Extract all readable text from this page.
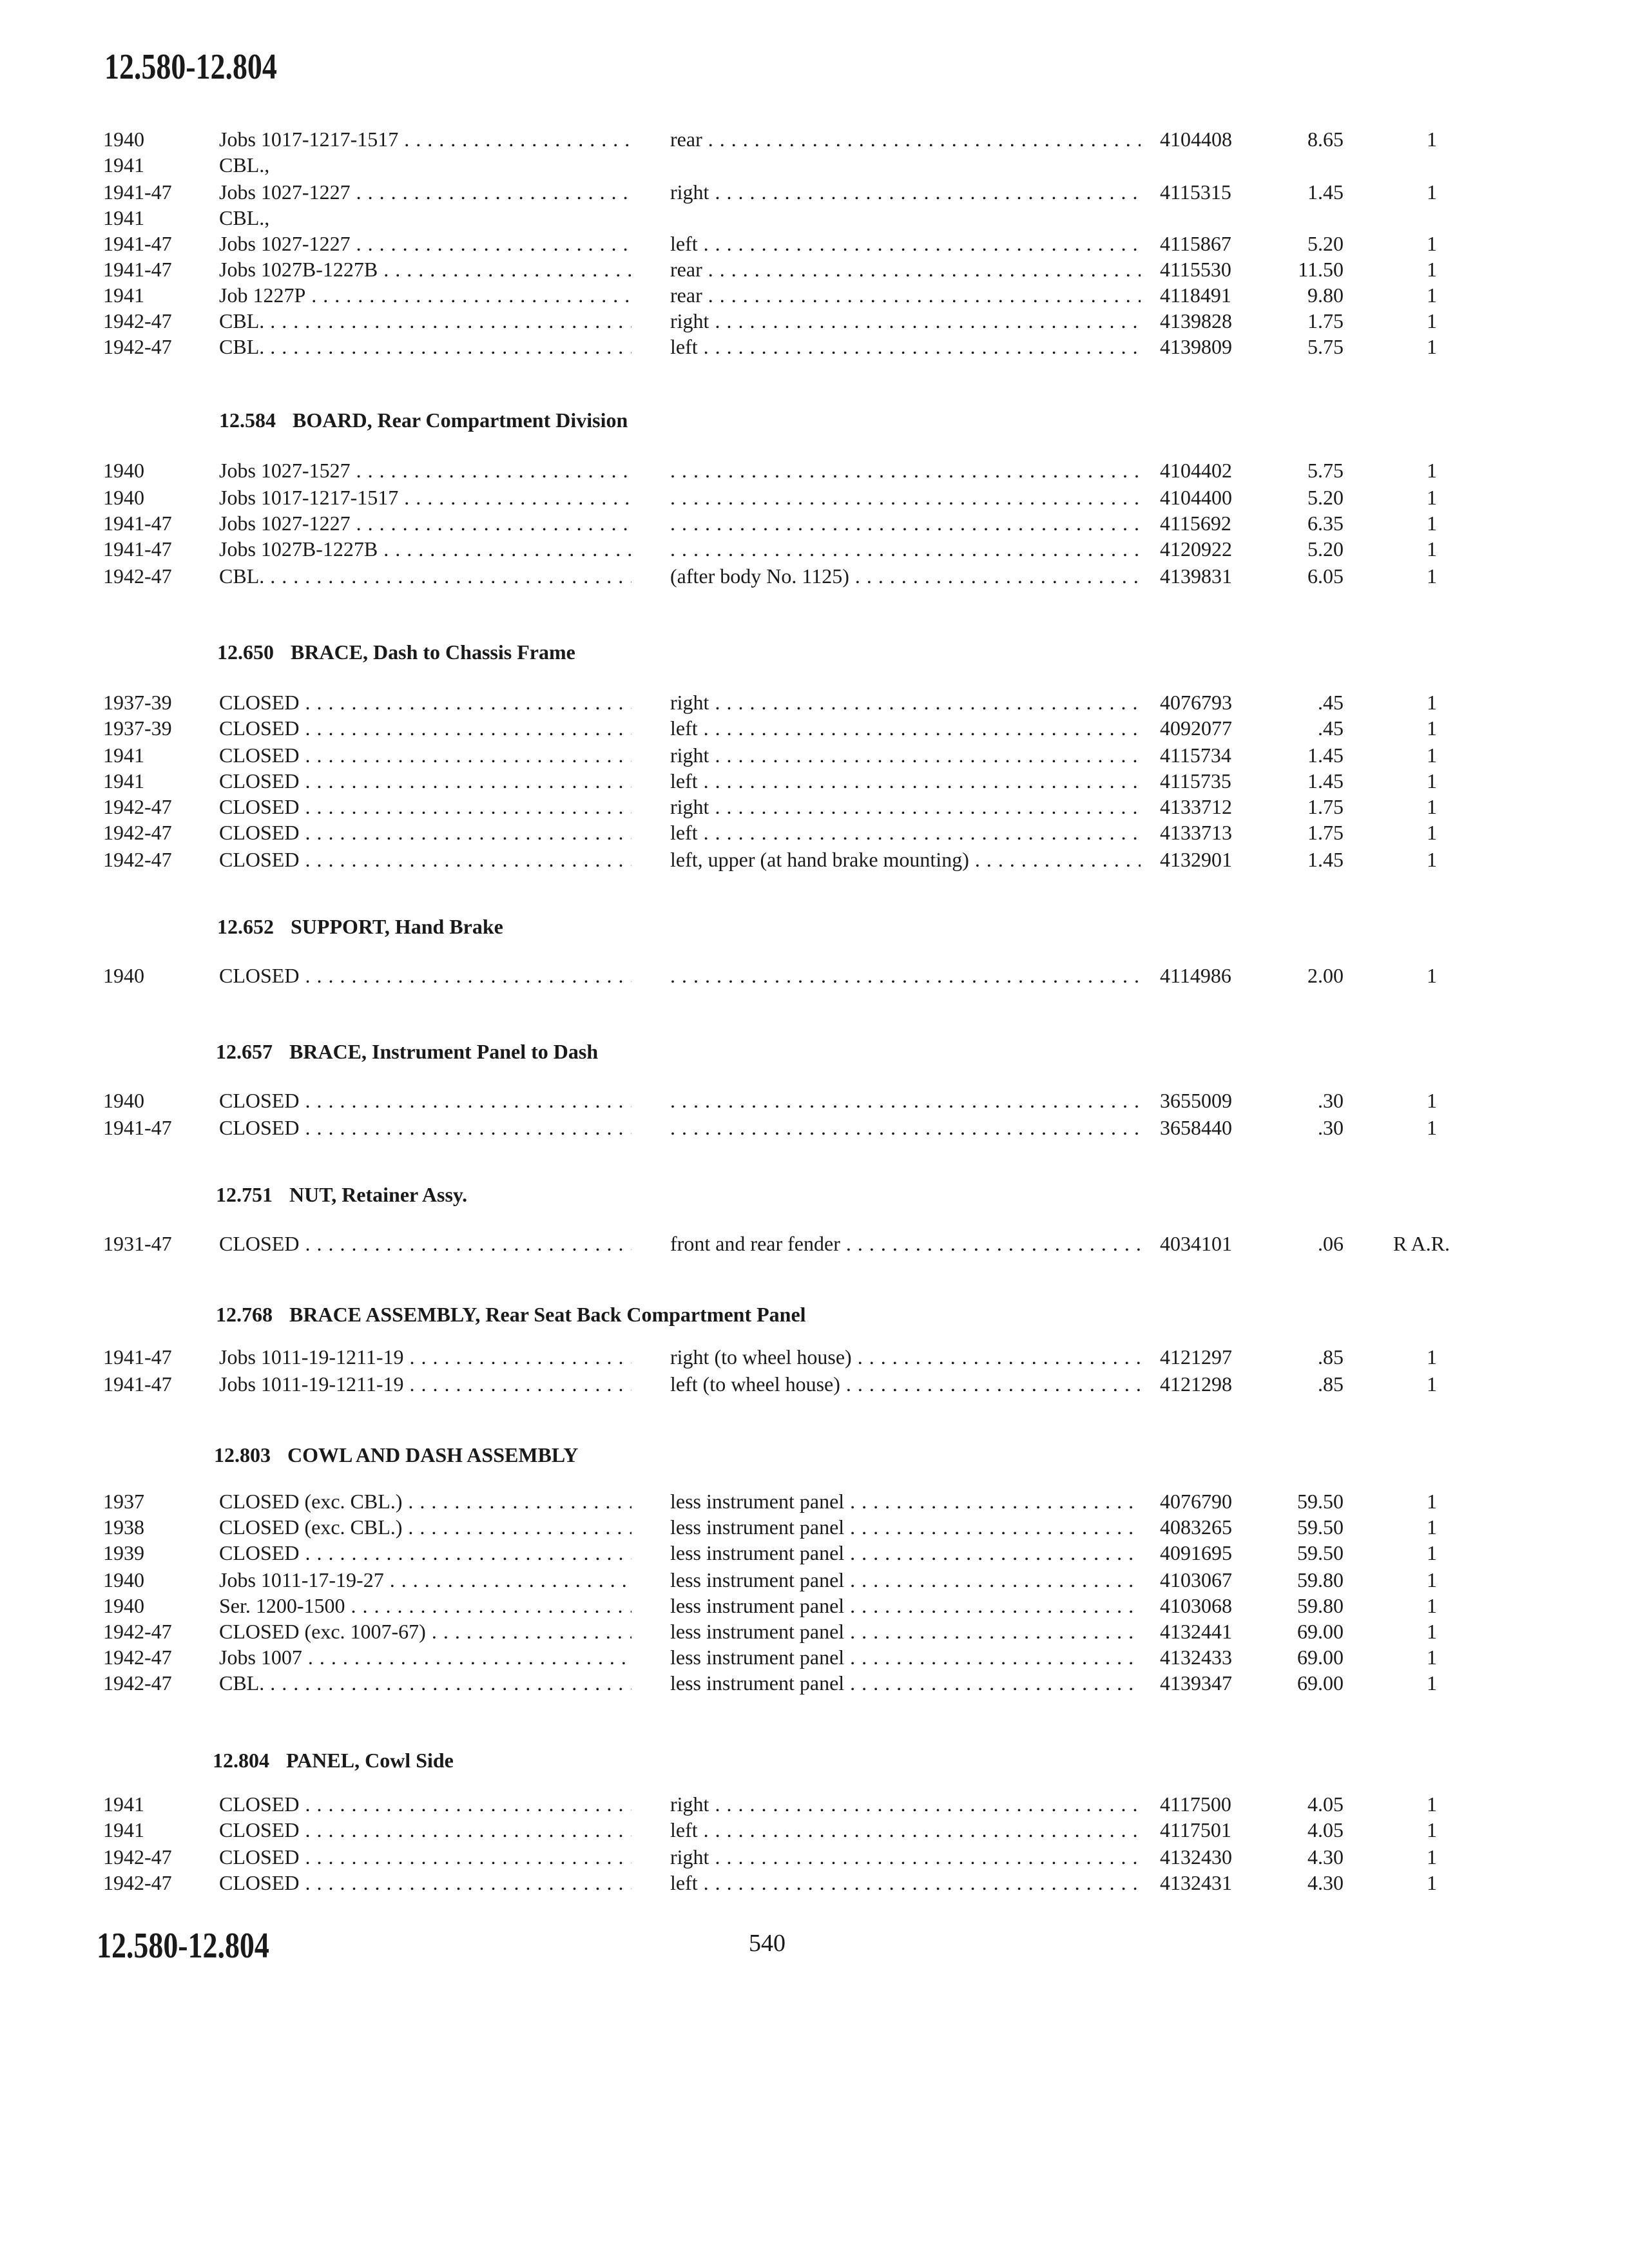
12.580-12.804
1940	Jobs 1017-1217-1517 . . .	rear . . .	4104408	8.65	1
1941	CBL.,
1941-47 Jobs 1027-1227 . . .	right . . .	4115315	1.45	1
1941	CBL.,
1941-47 Jobs 1027-1227 . . .	left . . .	4115867	5.20	1
1941-47 Jobs 1027B-1227B . . .	rear . . .	4115530	11.50	1
1941	Job 1227P . . .	rear . . .	4118491	9.80	1
1942-47 CBL. . . .	right . . .	4139828	1.75	1
1942-47 CBL. . . .	left . . .	4139809	5.75	1
12.584 BOARD, Rear Compartment Division
1940	Jobs 1027-1527 . . . . . .	4104402	5.75	1
1940	Jobs 1017-1217-1517 . . . . . .	4104400	5.20	1
1941-47 Jobs 1027-1227 . . . . . .	4115692	6.35	1
1941-47 Jobs 1027B-1227B . . . . . .	4120922	5.20	1
1942-47 CBL. . . .	(after body No. 1125) . . .	4139831	6.05	1
12.650 BRACE, Dash to Chassis Frame
1937-39 CLOSED . . .	right . . .	4076793	.45	1
1937-39 CLOSED . . .	left . . .	4092077	.45	1
1941	CLOSED . . .	right . . .	4115734	1.45	1
1941	CLOSED . . .	left . . .	4115735	1.45	1
1942-47 CLOSED . . .	right . . .	4133712	1.75	1
1942-47 CLOSED . . .	left . . .	4133713	1.75	1
1942-47 CLOSED . . .	left, upper (at hand brake mounting) . . .	4132901	1.45	1
12.652 SUPPORT, Hand Brake
1940	CLOSED . . . . . .	4114986	2.00	1
12.657 BRACE, Instrument Panel to Dash
1940	CLOSED . . . . . .	3655009	.30	1
1941-47 CLOSED . . . . . .	3658440	.30	1
12.751 NUT, Retainer Assy.
1931-47 CLOSED . . .	front and rear fender . . .	4034101	.06	R A.R.
12.768 BRACE ASSEMBLY, Rear Seat Back Compartment Panel
1941-47 Jobs 1011-19-1211-19 . . .	right (to wheel house) . . .	4121297	.85	1
1941-47 Jobs 1011-19-1211-19 . . .	left (to wheel house) . . .	4121298	.85	1
12.803 COWL AND DASH ASSEMBLY
1937	CLOSED (exc. CBL.) . . .	less instrument panel . . .	4076790	59.50	1
1938	CLOSED (exc. CBL.) . . .	less instrument panel . . .	4083265	59.50	1
1939	CLOSED . . .	less instrument panel . . .	4091695	59.50	1
1940	Jobs 1011-17-19-27 . . .	less instrument panel . . .	4103067	59.80	1
1940	Ser. 1200-1500 . . .	less instrument panel . . .	4103068	59.80	1
1942-47 CLOSED (exc. 1007-67) . . .	less instrument panel . . .	4132441	69.00	1
1942-47 Jobs 1007 . . .	less instrument panel . . .	4132433	69.00	1
1942-47 CBL. . . .	less instrument panel . . .	4139347	69.00	1
12.804 PANEL, Cowl Side
1941	CLOSED . . .	right . . .	4117500	4.05	1
1941	CLOSED . . .	left . . .	4117501	4.05	1
1942-47 CLOSED . . .	right . . .	4132430	4.30	1
1942-47 CLOSED . . .	left . . .	4132431	4.30	1
12.580-12.804	540
